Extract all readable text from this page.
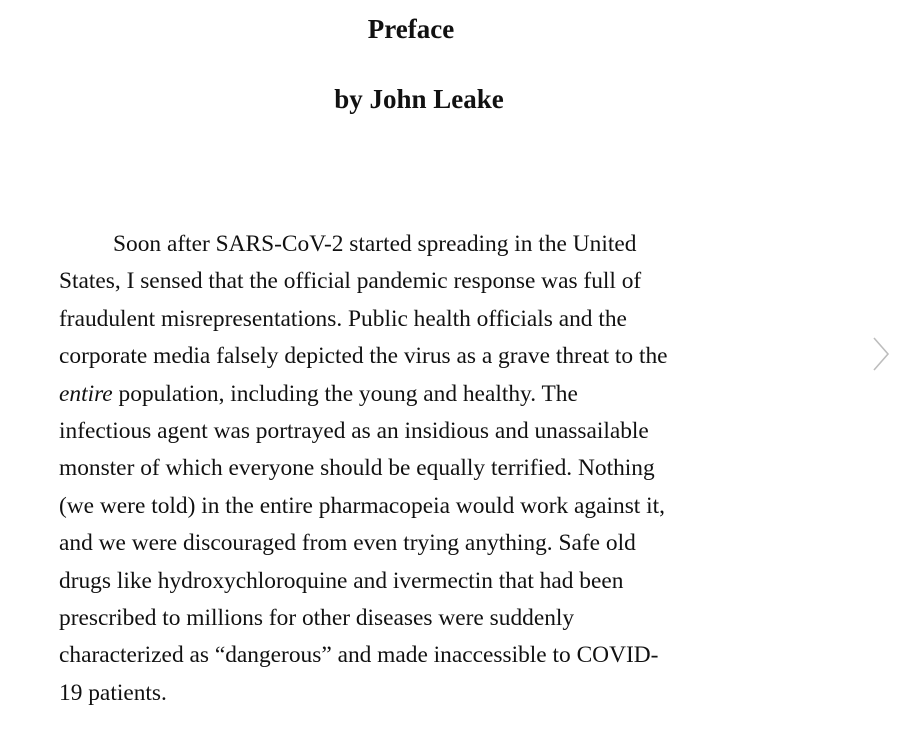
Preface
by John Leake
Soon after SARS-CoV-2 started spreading in the United
States, I sensed that the official pandemic response was full of
fraudulent misrepresentations. Public health officials and the
corporate media falsely depicted the virus as a grave threat to the
entire population, including the young and healthy. The
infectious agent was portrayed as an insidious and unassailable
monster of which everyone should be equally terrified. Nothing
(we were told) in the entire pharmacopeia would work against it,
and we were discouraged from even trying anything. Safe old
drugs like hydroxychloroquine and ivermectin that had been
prescribed to millions for other diseases were suddenly
characterized as “dangerous” and made inaccessible to COVID-
19 patients.
